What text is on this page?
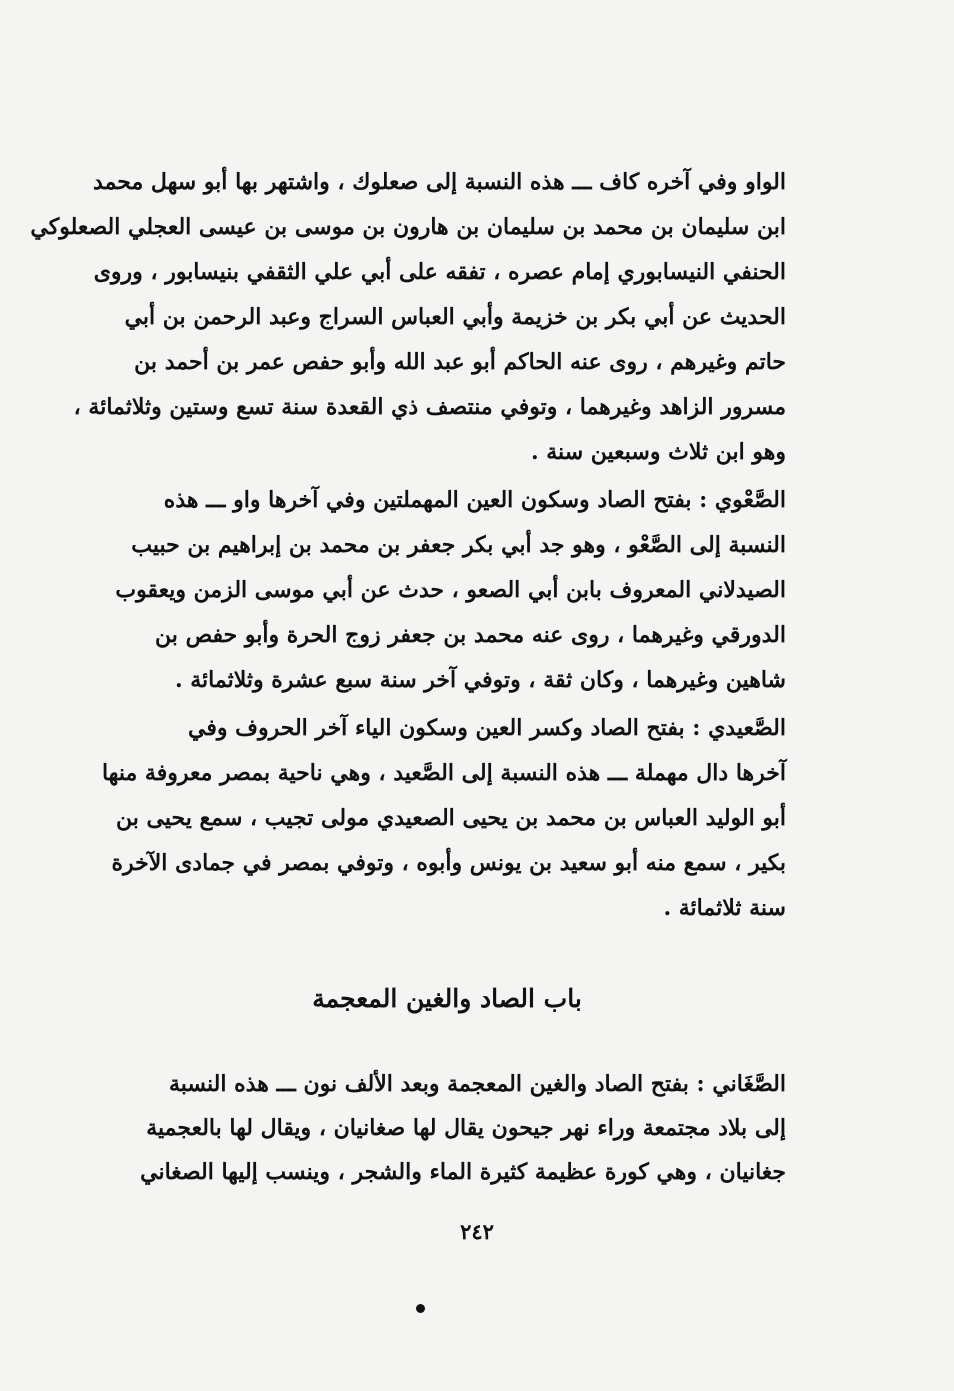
الواو وفي آخره كاف ـــ هذه النسبة إلى صعلوك ، واشتهر بها أبو سهل محمد
ابن سليمان بن محمد بن سليمان بن هارون بن موسى بن عيسى العجلي الصعلوكي
الحنفي النيسابوري إمام عصره ، تفقه على أبي علي الثقفي بنيسابور ، وروى
الحديث عن أبي بكر بن خزيمة وأبي العباس السراج وعبد الرحمن بن أبي
حاتم وغيرهم ، روى عنه الحاكم أبو عبد الله وأبو حفص عمر بن أحمد بن
مسرور الزاهد وغيرهما ، وتوفي منتصف ذي القعدة سنة تسع وستين وثلاثمائة ،
وهو ابن ثلاث وسبعين سنة .
الصَّعْوي : بفتح الصاد وسكون العين المهملتين وفي آخرها واو ـــ هذه
النسبة إلى الصَّعْو ، وهو جد أبي بكر جعفر بن محمد بن إبراهيم بن حبيب
الصيدلاني المعروف بابن أبي الصعو ، حدث عن أبي موسى الزمن ويعقوب
الدورقي وغيرهما ، روى عنه محمد بن جعفر زوج الحرة وأبو حفص بن
شاهين وغيرهما ، وكان ثقة ، وتوفي آخر سنة سبع عشرة وثلاثمائة .
الصَّعيدي : بفتح الصاد وكسر العين وسكون الياء آخر الحروف وفي
آخرها دال مهملة ـــ هذه النسبة إلى الصَّعيد ، وهي ناحية بمصر معروفة منها
أبو الوليد العباس بن محمد بن يحيى الصعيدي مولى تجيب ، سمع يحيى بن
بكير ، سمع منه أبو سعيد بن يونس وأبوه ، وتوفي بمصر في جمادى الآخرة
سنة ثلاثمائة .
باب الصاد والغين المعجمة
الصَّغَاني : بفتح الصاد والغين المعجمة وبعد الألف نون ـــ هذه النسبة
إلى بلاد مجتمعة وراء نهر جيحون يقال لها صغانيان ، ويقال لها بالعجمية
جغانيان ، وهي كورة عظيمة كثيرة الماء والشجر ، وينسب إليها الصغاني
٢٤٢
